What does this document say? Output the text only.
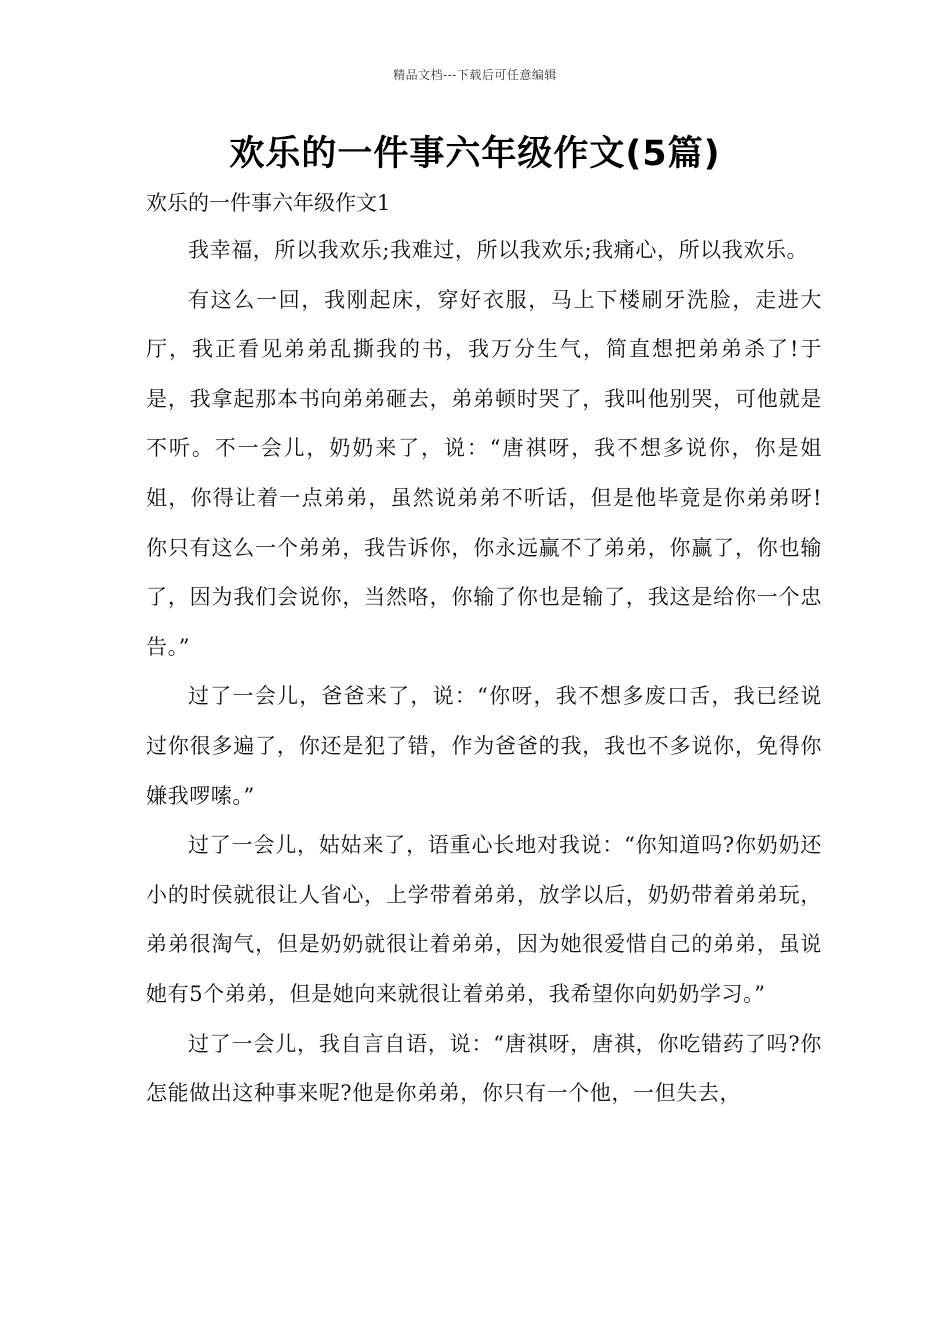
精品文档---下载后可任意编辑
欢乐的一件事六年级作文(5篇)
欢乐的一件事六年级作文1

我幸福，所以我欢乐;我难过，所以我欢乐;我痛心，所以我欢乐。

有这么一回，我刚起床，穿好衣服，马上下楼刷牙洗脸，走进大厅，我正看见弟弟乱撕我的书，我万分生气，简直想把弟弟杀了!于是，我拿起那本书向弟弟砸去，弟弟顿时哭了，我叫他别哭，可他就是不听。不一会儿，奶奶来了，说：“唐祺呀，我不想多说你，你是姐姐，你得让着一点弟弟，虽然说弟弟不听话，但是他毕竟是你弟弟呀!你只有这么一个弟弟，我告诉你，你永远赢不了弟弟，你赢了，你也输了，因为我们会说你，当然咯，你输了你也是输了，我这是给你一个忠告。”

过了一会儿，爸爸来了，说：“你呀，我不想多废口舌，我已经说过你很多遍了，你还是犯了错，作为爸爸的我，我也不多说你，免得你嫌我啰嗦。”

过了一会儿，姑姑来了，语重心长地对我说：“你知道吗?你奶奶还小的时侯就很让人省心，上学带着弟弟，放学以后，奶奶带着弟弟玩，弟弟很淘气，但是奶奶就很让着弟弟，因为她很爱惜自己的弟弟，虽说她有5个弟弟，但是她向来就很让着弟弟，我希望你向奶奶学习。”

过了一会儿，我自言自语，说：“唐祺呀，唐祺，你吃错药了吗?你怎能做出这种事来呢?他是你弟弟，你只有一个他，一但失去，
